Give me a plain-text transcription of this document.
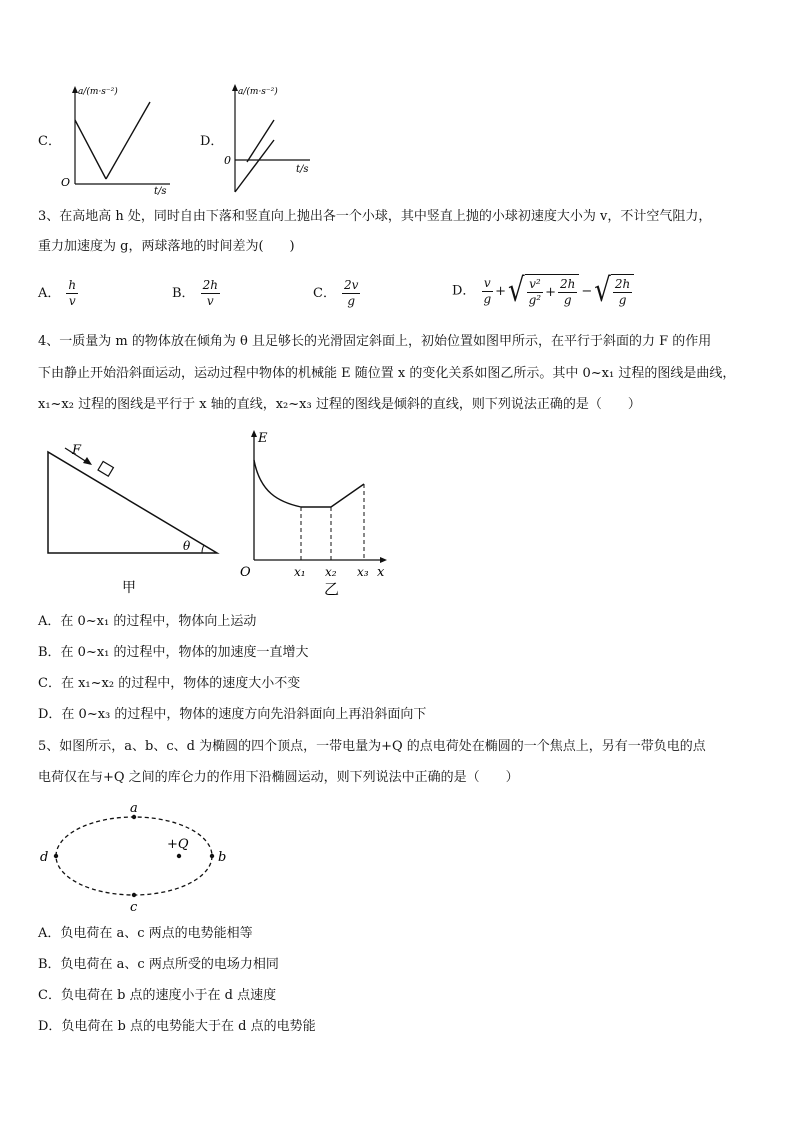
C．
a/(m·s⁻²)
t/s
O
D．
a/(m·s⁻²)
t/s
0
3、在高地高 h 处，同时自由下落和竖直向上抛出各一个小球，其中竖直上抛的小球初速度大小为 v，不计空气阻力，
重力加速度为 g，两球落地的时间差为(　　)
A． $\frac{h}{v}$	B． $\frac{2h}{v}$	C． $\frac{2v}{g}$	D． $\frac{v}{g}$ + √ $\frac{\text{v²}}{\text{g²}} + \frac{2h}{g}$ − √ $\frac{2h}{g}$
4、一质量为 m 的物体放在倾角为 θ 且足够长的光滑固定斜面上，初始位置如图甲所示，在平行于斜面的力 F 的作用
下由静止开始沿斜面运动，运动过程中物体的机械能 E 随位置 x 的变化关系如图乙所示。其中 0~x₁ 过程的图线是曲线，
x₁~x₂ 过程的图线是平行于 x 轴的直线，x₂~x₃ 过程的图线是倾斜的直线，则下列说法正确的是（　　）
F
θ
甲
E
x
O	x₁ x₂ x₃
乙
A．在 0~x₁ 的过程中，物体向上运动
B．在 0~x₁ 的过程中，物体的加速度一直增大
C．在 x₁~x₂ 的过程中，物体的速度大小不变
D．在 0~x₃ 的过程中，物体的速度方向先沿斜面向上再沿斜面向下
5、如图所示，a、b、c、d 为椭圆的四个顶点，一带电量为+Q 的点电荷处在椭圆的一个焦点上，另有一带负电的点
电荷仅在与+Q 之间的库仑力的作用下沿椭圆运动，则下列说法中正确的是（　　）
a
b
c
d
+Q
A．负电荷在 a、c 两点的电势能相等
B．负电荷在 a、c 两点所受的电场力相同
C．负电荷在 b 点的速度小于在 d 点速度
D．负电荷在 b 点的电势能大于在 d 点的电势能
